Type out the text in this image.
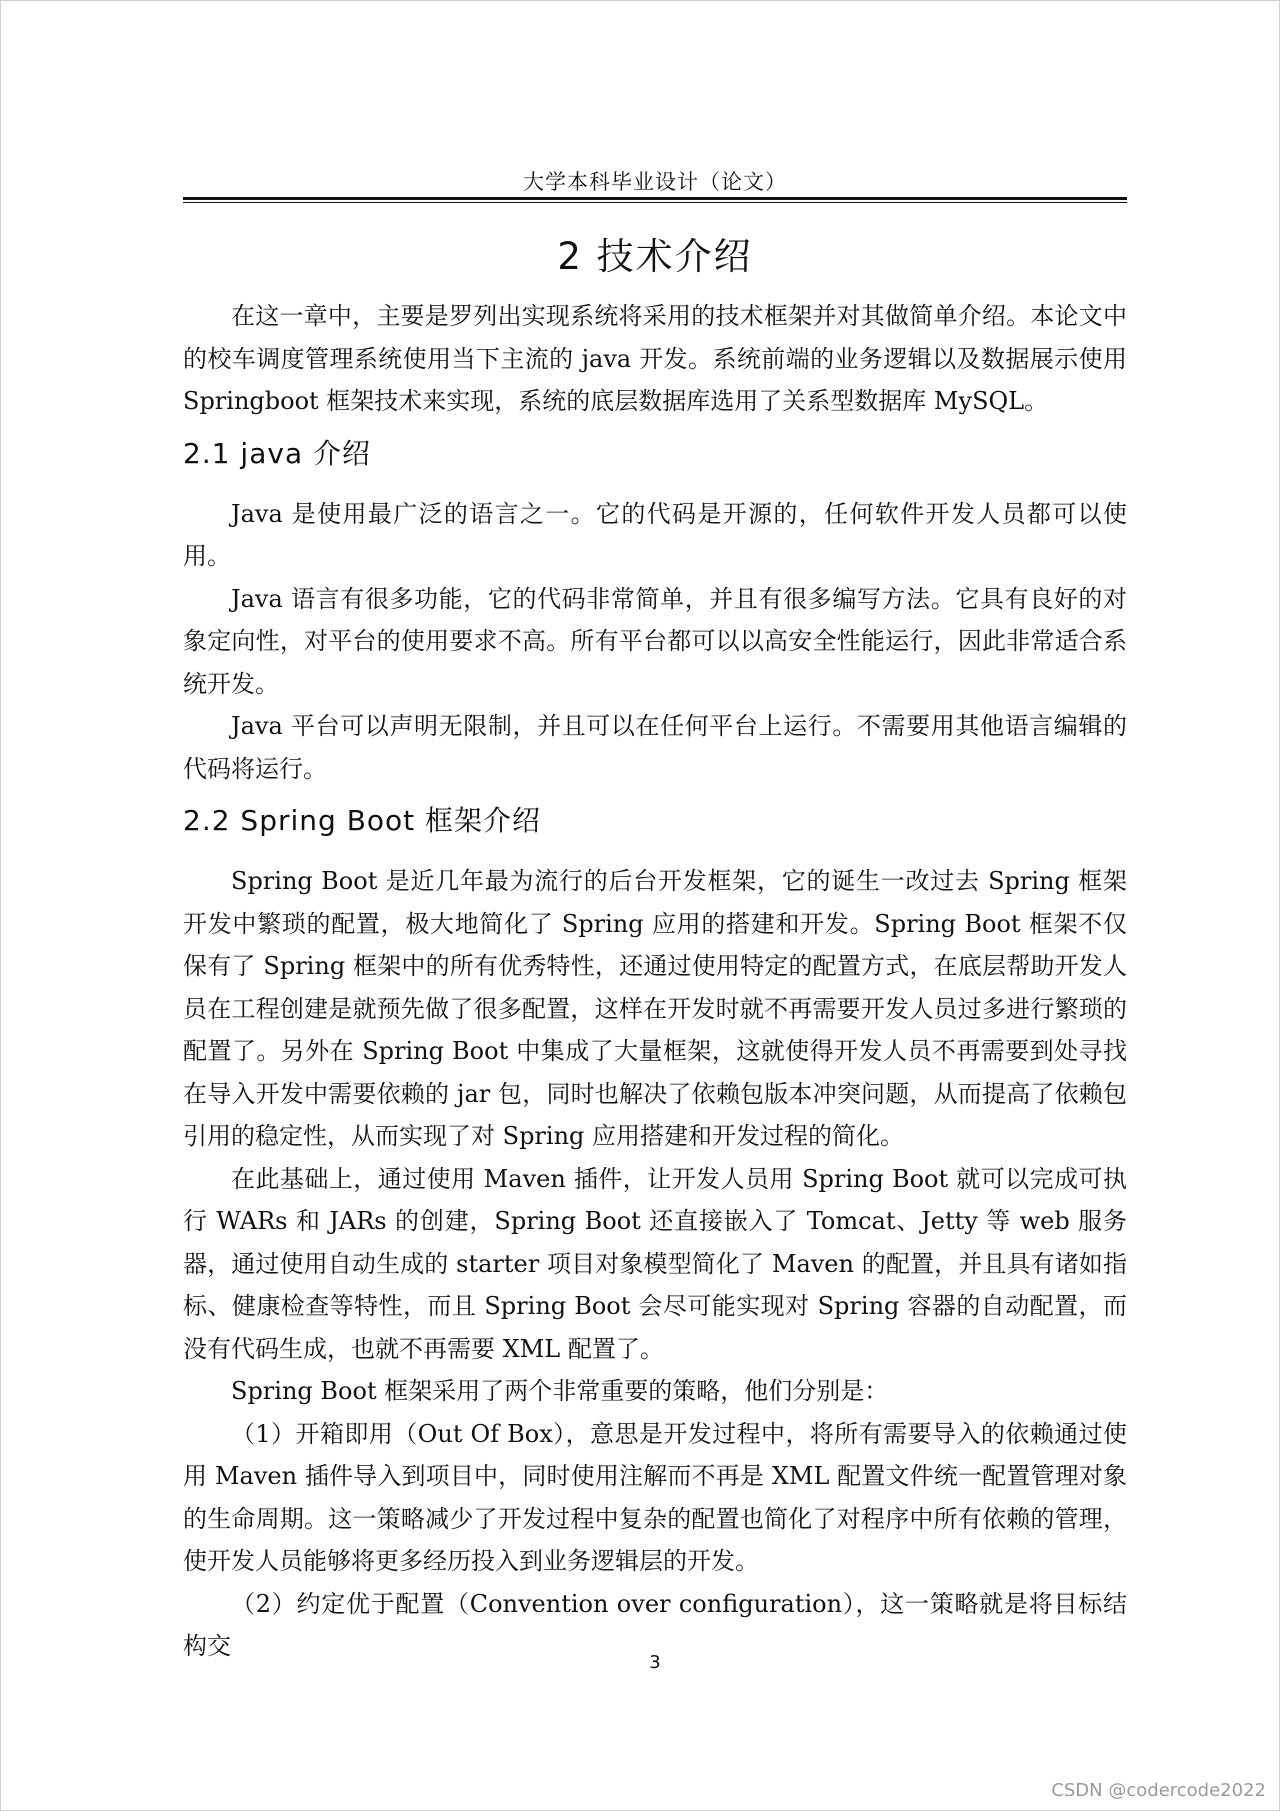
大学本科毕业设计（论文）
2 技术介绍

在这一章中，主要是罗列出实现系统将采用的技术框架并对其做简单介绍。本论文中的校车调度管理系统使用当下主流的 java 开发。系统前端的业务逻辑以及数据展示使用 Springboot 框架技术来实现，系统的底层数据库选用了关系型数据库 MySQL。

2.1 java 介绍

Java 是使用最广泛的语言之一。它的代码是开源的，任何软件开发人员都可以使用。

Java 语言有很多功能，它的代码非常简单，并且有很多编写方法。它具有良好的对象定向性，对平台的使用要求不高。所有平台都可以以高安全性能运行，因此非常适合系统开发。

Java 平台可以声明无限制，并且可以在任何平台上运行。不需要用其他语言编辑的代码将运行。

2.2 Spring Boot 框架介绍

Spring Boot 是近几年最为流行的后台开发框架，它的诞生一改过去 Spring 框架开发中繁琐的配置，极大地简化了 Spring 应用的搭建和开发。Spring Boot 框架不仅保有了 Spring 框架中的所有优秀特性，还通过使用特定的配置方式，在底层帮助开发人员在工程创建是就预先做了很多配置，这样在开发时就不再需要开发人员过多进行繁琐的配置了。另外在 Spring Boot 中集成了大量框架，这就使得开发人员不再需要到处寻找在导入开发中需要依赖的 jar 包，同时也解决了依赖包版本冲突问题，从而提高了依赖包引用的稳定性，从而实现了对 Spring 应用搭建和开发过程的简化。

在此基础上，通过使用 Maven 插件，让开发人员用 Spring Boot 就可以完成可执行 WARs 和 JARs 的创建，Spring Boot 还直接嵌入了 Tomcat、Jetty 等 web 服务器，通过使用自动生成的 starter 项目对象模型简化了 Maven 的配置，并且具有诸如指标、健康检查等特性，而且 Spring Boot 会尽可能实现对 Spring 容器的自动配置，而没有代码生成，也就不再需要 XML 配置了。

Spring Boot 框架采用了两个非常重要的策略，他们分别是：

（1）开箱即用（Out Of Box），意思是开发过程中，将所有需要导入的依赖通过使用 Maven 插件导入到项目中，同时使用注解而不再是 XML 配置文件统一配置管理对象的生命周期。这一策略减少了开发过程中复杂的配置也简化了对程序中所有依赖的管理，使开发人员能够将更多经历投入到业务逻辑层的开发。

（2）约定优于配置（Convention over configuration），这一策略就是将目标结构交

3
CSDN @codercode2022
